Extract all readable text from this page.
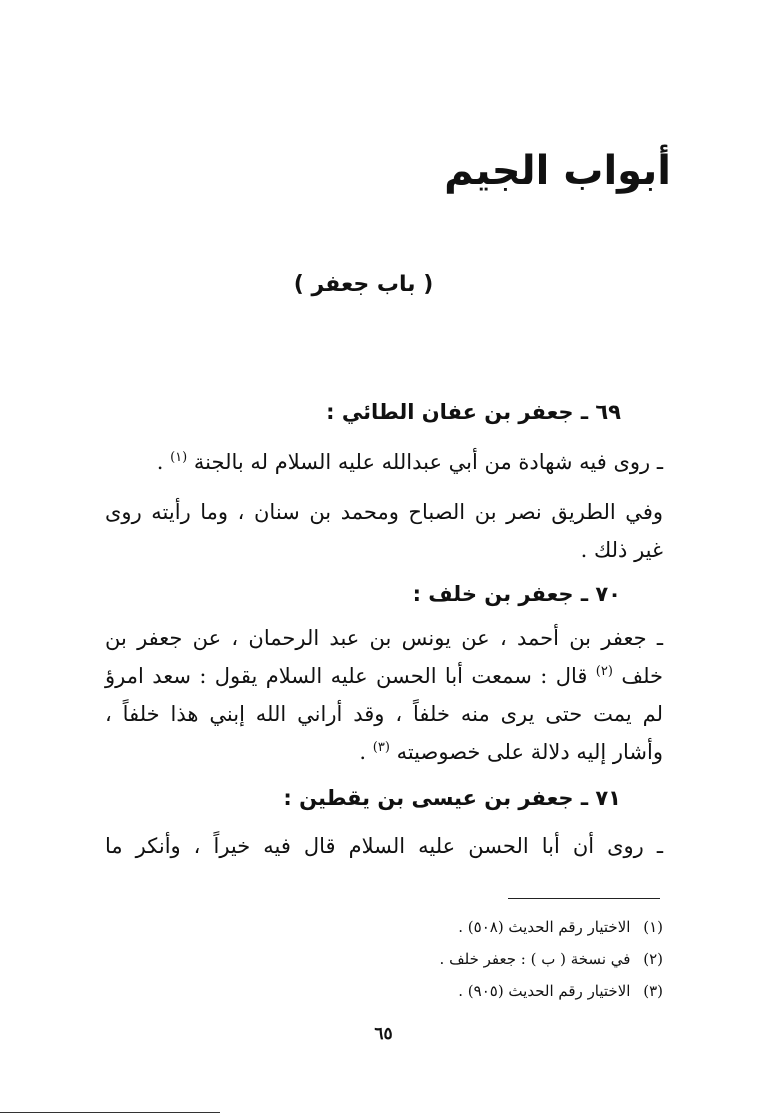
أبواب الجيم
( باب جعفر )
٦٩ ـ جعفر بن عفان الطائي :
ـ روى فيه شهادة من أبي عبدالله عليه السلام له بالجنة $^{(١)}$ .
وفي الطريق نصر بن الصباح ومحمد بن سنان ، وما رأيته روى
غير ذلك .
٧٠ ـ جعفر بن خلف :
ـ جعفر بن أحمد ، عن يونس بن عبد الرحمان ، عن جعفر بن
خلف $^{(٢)}$ قال : سمعت أبا الحسن عليه السلام يقول : سعد امرؤ
لم يمت حتى يرى منه خلفاً ، وقد أراني الله إبني هذا خلفاً ،
وأشار إليه دلالة على خصوصيته $^{(٣)}$ .
٧١ ـ جعفر بن عيسى بن يقطين :
ـ روى أن أبا الحسن عليه السلام قال فيه خيراً ، وأنكر ما
(١) الاختيار رقم الحديث (٥٠٨) .
(٢) في نسخة ( ب ) : جعفر خلف .
(٣) الاختيار رقم الحديث (٩٠٥) .
٦٥
